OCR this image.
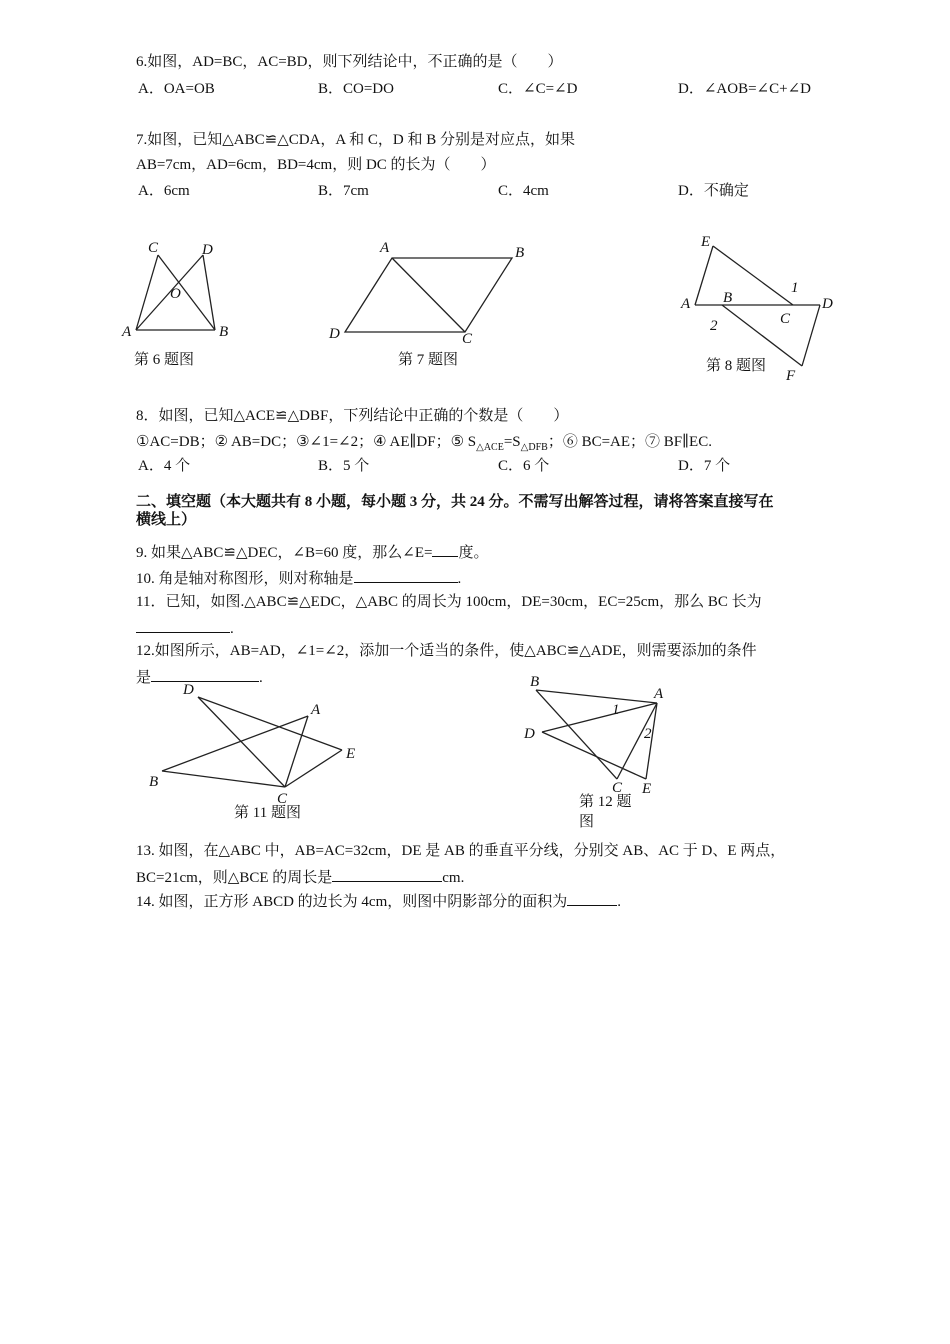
6.如图，AD=BC，AC=BD，则下列结论中，不正确的是（　　）
A．OA=OB	B．CO=DO	C．∠C=∠D	D．∠AOB=∠C+∠D
7.如图，已知△ABC≌△CDA，A 和 C，D 和 B 分别是对应点，如果
AB=7cm，AD=6cm，BD=4cm，则 DC 的长为（　　）
A．6cm	B．7cm	C．4cm	D．不确定
C	D
O
A	B
第 6 题图
A	B
D	C
第 7 题图
E
1
A B
C
D
2
F
第 8 题图
8．如图，已知△ACE≌△DBF，下列结论中正确的个数是（　　）
①AC=DB；② AB=DC；③∠1=∠2；④ AE∥DF；⑤ $S_{\triangle ACE}=S_{\triangle DFB}$；⑥ BC=AE；⑦ BF∥EC.
A．4 个	B．5 个	C．6 个	D．7 个
二、填空题（本大题共有 8 小题，每小题 3 分，共 24 分。不需写出解答过程，请将答案直接写在
横线上）
9. 如果△ABC≌△DEC，∠B=60 度，那么∠E= 度。
10. 角是轴对称图形，则对称轴是	.
11．已知，如图.△ABC≌△EDC，△ABC 的周长为 100cm，DE=30cm，EC=25cm，那么 BC 长为
.
12.如图所示，AB=AD，∠1=∠2，添加一个适当的条件，使△ABC≌△ADE，则需要添加的条件
是	.
D
A
E
B
C
第 11 题图
B
A
1
D	2
C E
第 12 题图
13. 如图，在△ABC 中，AB=AC=32cm，DE 是 AB 的垂直平分线，分别交 AB、AC 于 D、E 两点，
BC=21cm，则△BCE 的周长是	cm.
14. 如图，正方形 ABCD 的边长为 4cm，则图中阴影部分的面积为	.
